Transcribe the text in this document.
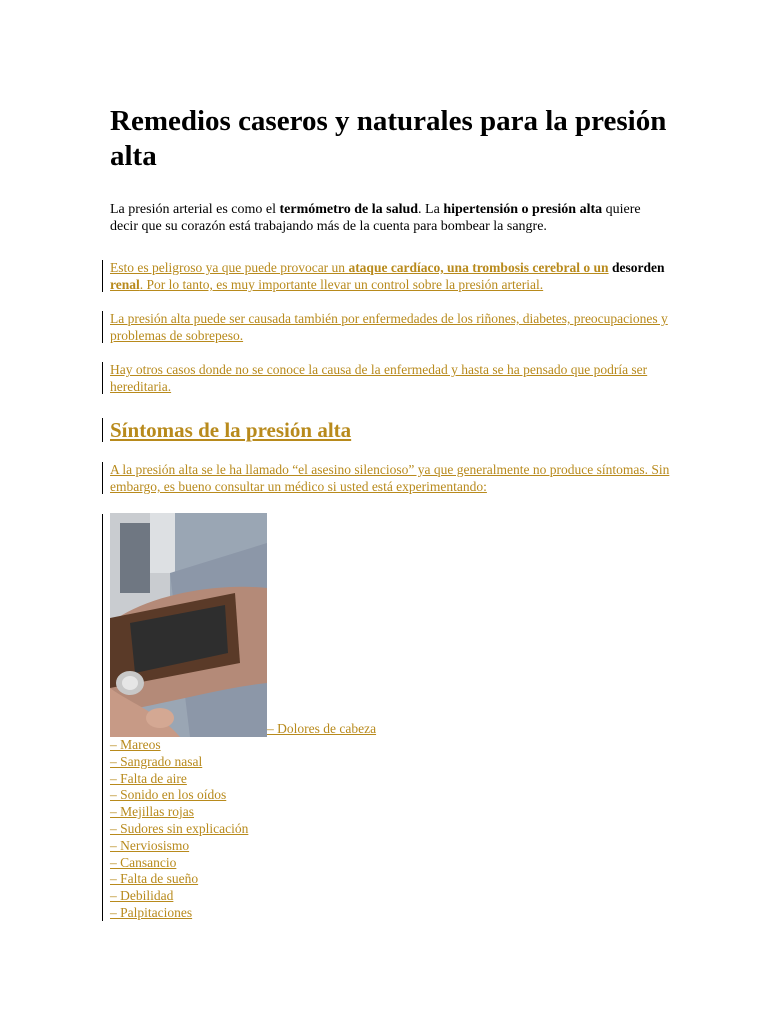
Remedios caseros y naturales para la presión alta

La presión arterial es como el termómetro de la salud. La hipertensión o presión alta quiere decir que su corazón está trabajando más de la cuenta para bombear la sangre.

Esto es peligroso ya que puede provocar un ataque cardíaco, una trombosis cerebral o un desorden renal. Por lo tanto, es muy importante llevar un control sobre la presión arterial.
La presión alta puede ser causada también por enfermedades de los riñones, diabetes, preocupaciones y problemas de sobrepeso.
Hay otros casos donde no se conoce la causa de la enfermedad y hasta se ha pensado que podría ser hereditaria.
Síntomas de la presión alta
A la presión alta se le ha llamado “el asesino silencioso” ya que generalmente no produce síntomas. Sin embargo, es bueno consultar un médico si usted está experimentando:
– Dolores de cabeza
– Mareos
– Sangrado nasal
– Falta de aire
– Sonido en los oídos
– Mejillas rojas
– Sudores sin explicación
– Nerviosismo
– Cansancio
– Falta de sueño
– Debilidad
– Palpitaciones
